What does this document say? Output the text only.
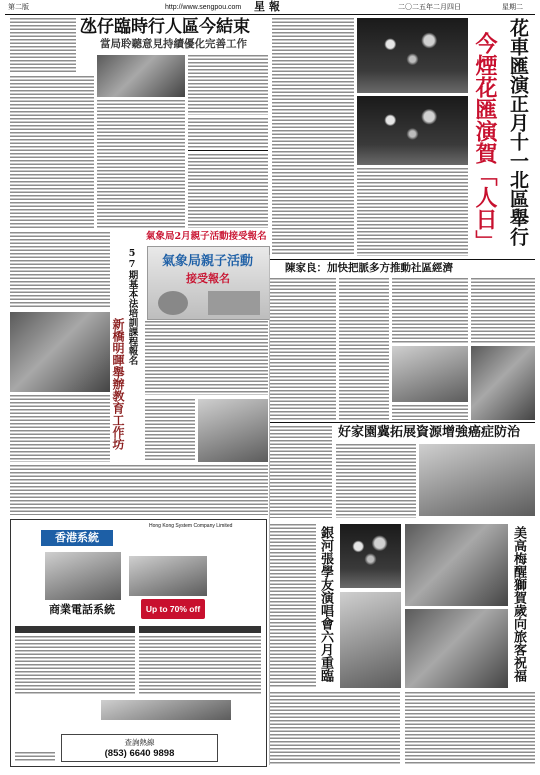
第二版	http://www.sengpou.com 星 報	二〇二五年二月四日	星期二
氹仔臨時行人區今結束
當局聆聽意見持續優化完善工作	花車匯演正月十一北區舉行
今煙花匯演賀「人日」
陳家良：加快把脈多方推動社區經濟
好家園冀拓展資源增強癌症防治
氣象局2月親子活動接受報名
氣象局親子活動
接受報名
57期基本法培訓課程報名
新橋明暉舉辦教育工作坊
Hong Kong System Company Limited
香港系統
商業電話系統	Up to 70% off
查詢熱線
(853) 6640 9898
銀河張學友演唱會六月重臨	美高梅醒獅賀歲向旅客祝福
